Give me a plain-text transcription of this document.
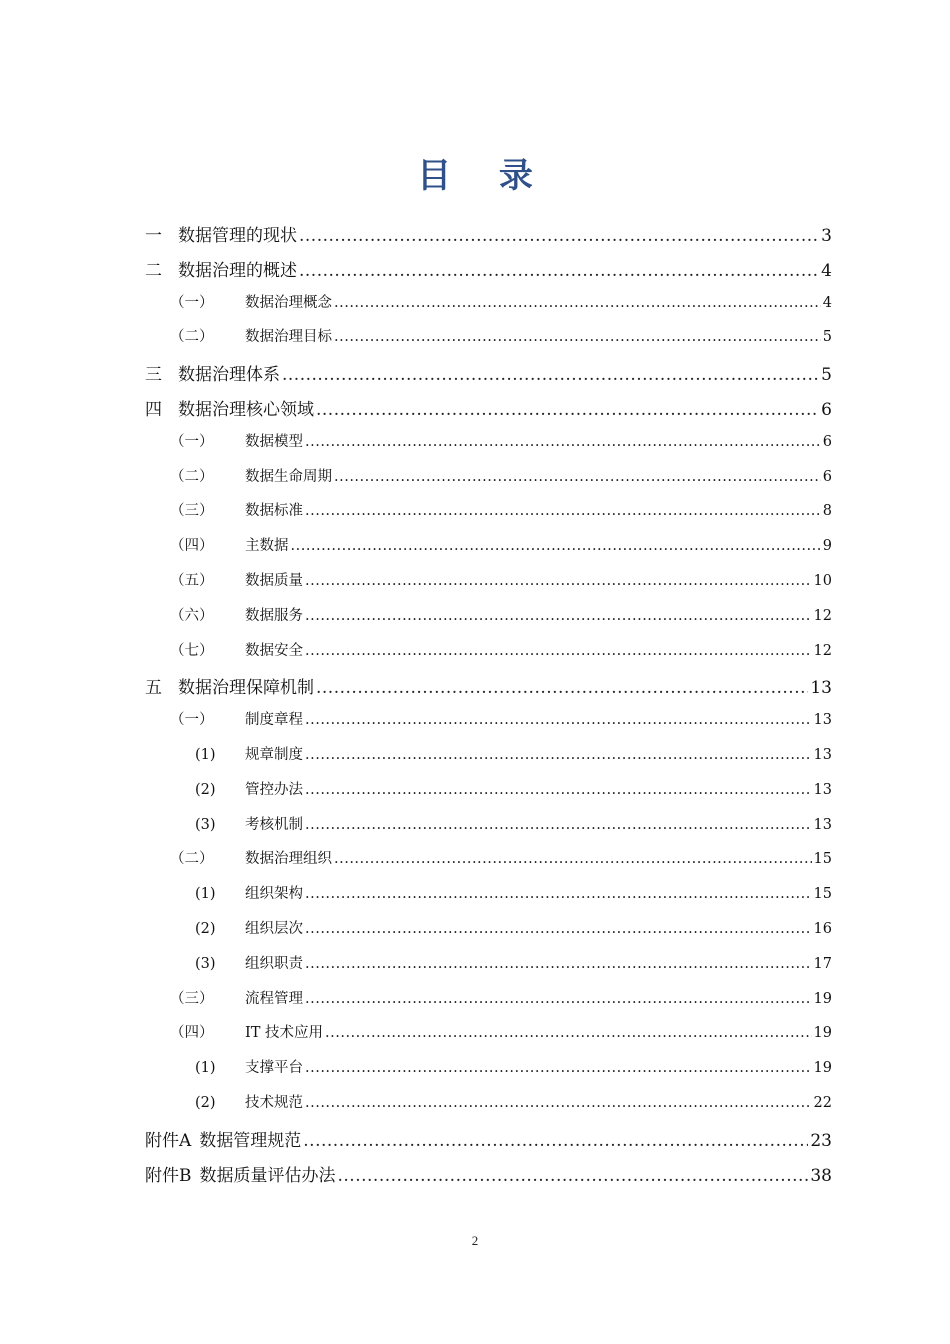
目 录
一 数据管理的现状 .....	3
二 数据治理的概述 .....	4
（一）	数据治理概念 .....	4
（二）	数据治理目标 .....	5
三 数据治理体系 .....	5
四 数据治理核心领域 .....	6
（一）	数据模型 .....	6
（二）	数据生命周期 .....	6
（三）	数据标准 .....	8
（四）	主数据 .....	9
（五）	数据质量 .....	10
（六）	数据服务 .....	12
（七）	数据安全 .....	12
五 数据治理保障机制 .....	13
（一）	制度章程 .....	13
(1)	规章制度 .....	13
(2)	管控办法 .....	13
(3)	考核机制 .....	13
（二）	数据治理组织 .....	15
(1)	组织架构 .....	15
(2)	组织层次 .....	16
(3)	组织职责 .....	17
（三）	流程管理 .....	19
（四）	IT 技术应用 .....	19
(1)	支撑平台 .....	19
(2)	技术规范 .....	22
附件A 数据管理规范 .....	23
附件B 数据质量评估办法 .....	38
2
